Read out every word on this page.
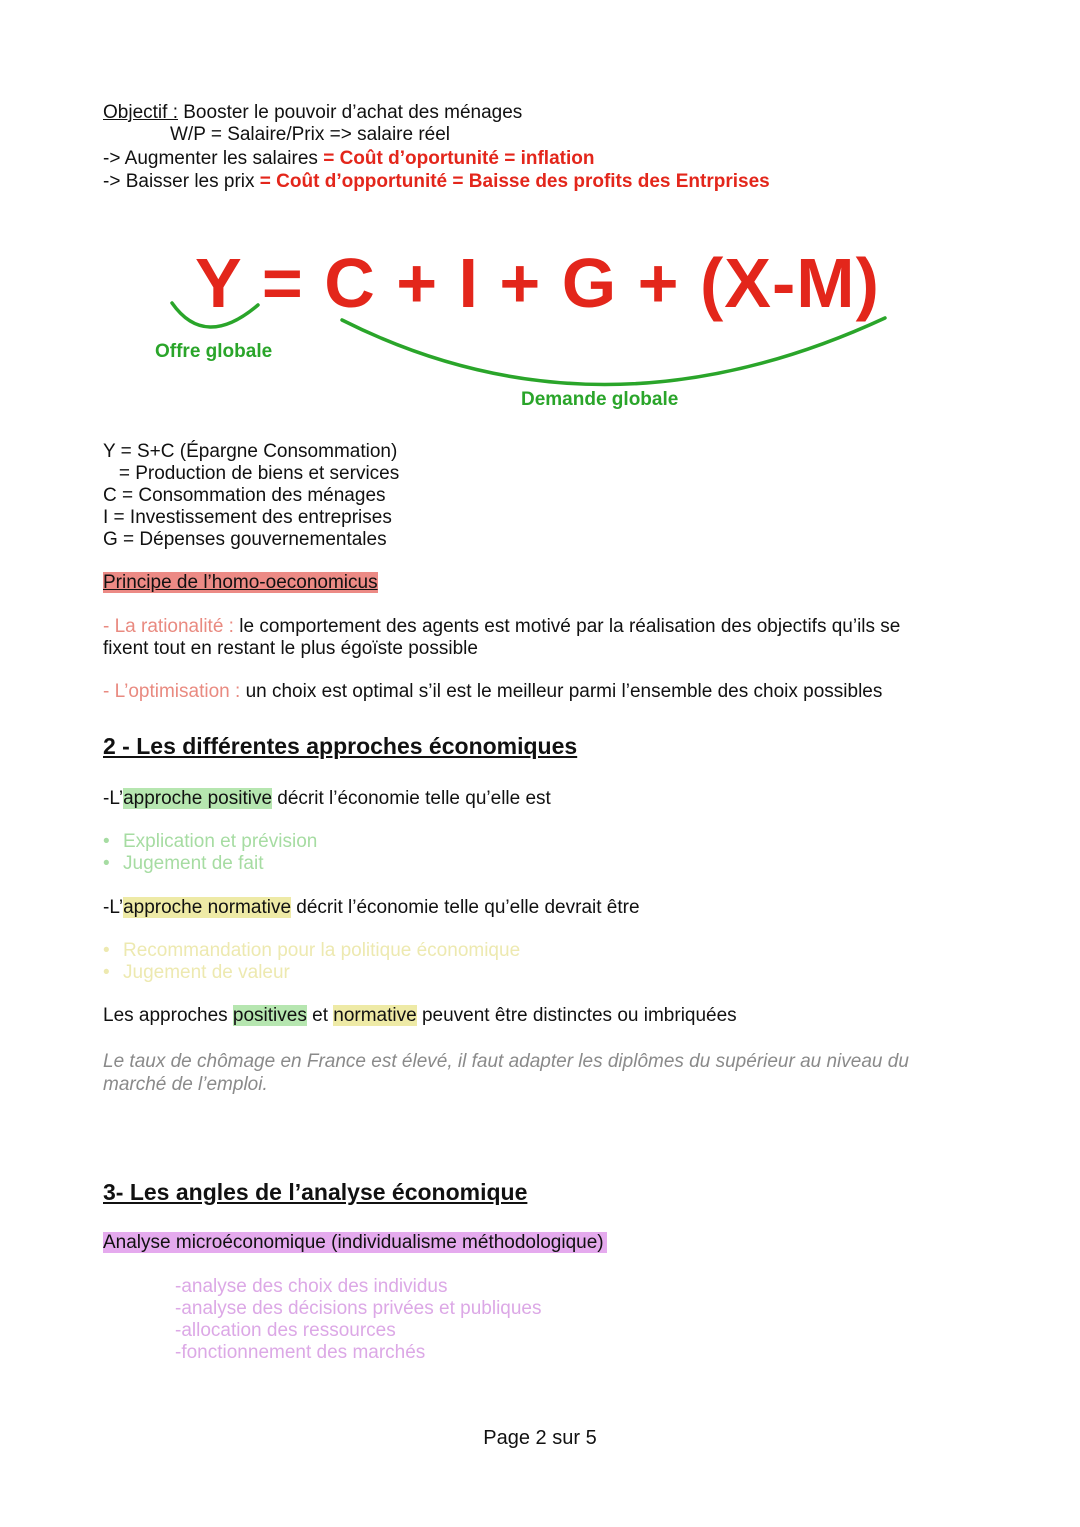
Objectif : Booster le pouvoir d’achat des ménages
W/P = Salaire/Prix => salaire réel
-> Augmenter les salaires = Coût d’oportunité = inflation
-> Baisser les prix = Coût d’opportunité = Baisse des profits des Entrprises
Y = C + I + G + (X-M)
Offre globale
Demande globale
Y = S+C (Épargne Consommation)
= Production de biens et services
C = Consommation des ménages
I = Investissement des entreprises
G = Dépenses gouvernementales
Principe de l’homo-oeconomicus
- La rationalité : le comportement des agents est motivé par la réalisation des objectifs qu’ils se
fixent tout en restant le plus égoïste possible
- L’optimisation : un choix est optimal s’il est le meilleur parmi l’ensemble des choix possibles
2 - Les différentes approches économiques
-L’approche positive décrit l’économie telle qu’elle est
• Explication et prévision
• Jugement de fait
-L’approche normative décrit l’économie telle qu’elle devrait être
• Recommandation pour la politique économique
• Jugement de valeur
Les approches positives et normative peuvent être distinctes ou imbriquées
Le taux de chômage en France est élevé, il faut adapter les diplômes du supérieur au niveau du
marché de l’emploi.
3- Les angles de l’analyse économique
Analyse microéconomique (individualisme méthodologique)
-analyse des choix des individus
-analyse des décisions privées et publiques
-allocation des ressources
-fonctionnement des marchés
Page 2 sur 5
